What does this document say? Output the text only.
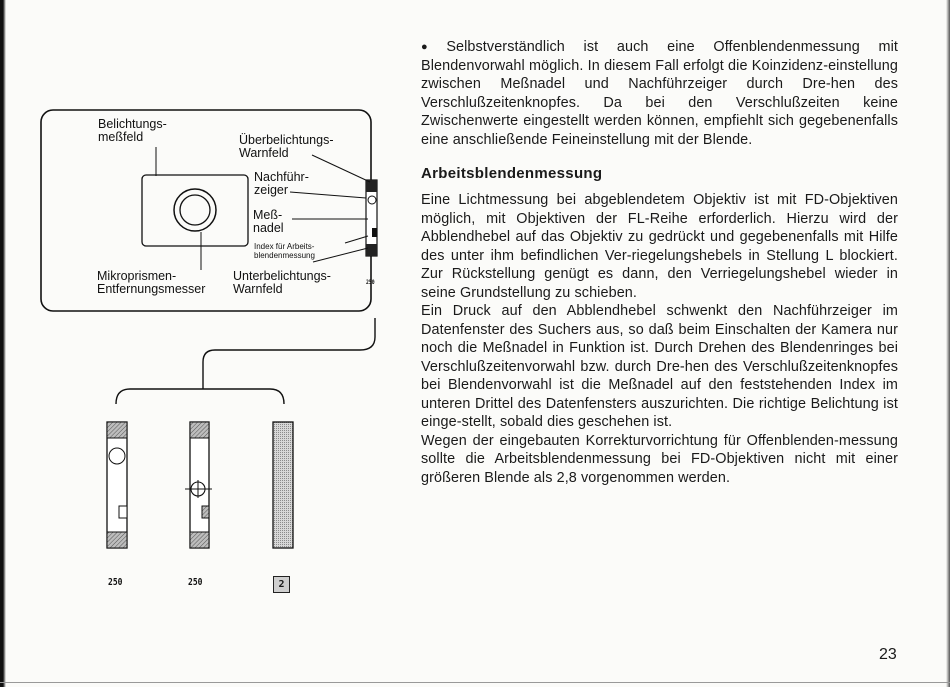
Belichtungs-
meßfeld	Überbelichtungs-
Warnfeld
Nachführ-
zeiger
Meß-
nadel
Index für Arbeits-
blendenmessung
Mikroprismen-
Entfernungsmesser
Unterbelichtungs-
Warnfeld	250
250	250	2

● Selbstverständlich ist auch eine Offenblendenmessung mit Blendenvorwahl möglich. In diesem Fall erfolgt die Koinzidenz-einstellung zwischen Meßnadel und Nachführzeiger durch Dre-hen des Verschlußzeitenknopfes. Da bei den Verschlußzeiten keine Zwischenwerte eingestellt werden können, empfiehlt sich gegebenenfalls eine anschließende Feineinstellung mit der Blende.

Arbeitsblendenmessung

Eine Lichtmessung bei abgeblendetem Objektiv ist mit FD-Objektiven möglich, mit Objektiven der FL-Reihe erforderlich. Hierzu wird der Abblendhebel auf das Objektiv zu gedrückt und gegebenenfalls mit Hilfe des unter ihm befindlichen Ver-riegelungshebels in Stellung L blockiert. Zur Rückstellung genügt es dann, den Verriegelungshebel wieder in seine Grundstellung zu schieben.

Ein Druck auf den Abblendhebel schwenkt den Nachführzeiger im Datenfenster des Suchers aus, so daß beim Einschalten der Kamera nur noch die Meßnadel in Funktion ist. Durch Drehen des Blendenringes bei Verschlußzeitenvorwahl bzw. durch Dre-hen des Verschlußzeitenknopfes bei Blendenvorwahl ist die Meßnadel auf den feststehenden Index im unteren Drittel des Datenfensters auszurichten. Die richtige Belichtung ist einge-stellt, sobald dies geschehen ist.

Wegen der eingebauten Korrekturvorrichtung für Offenblenden-messung sollte die Arbeitsblendenmessung bei FD-Objektiven nicht mit einer größeren Blende als 2,8 vorgenommen werden.

23
